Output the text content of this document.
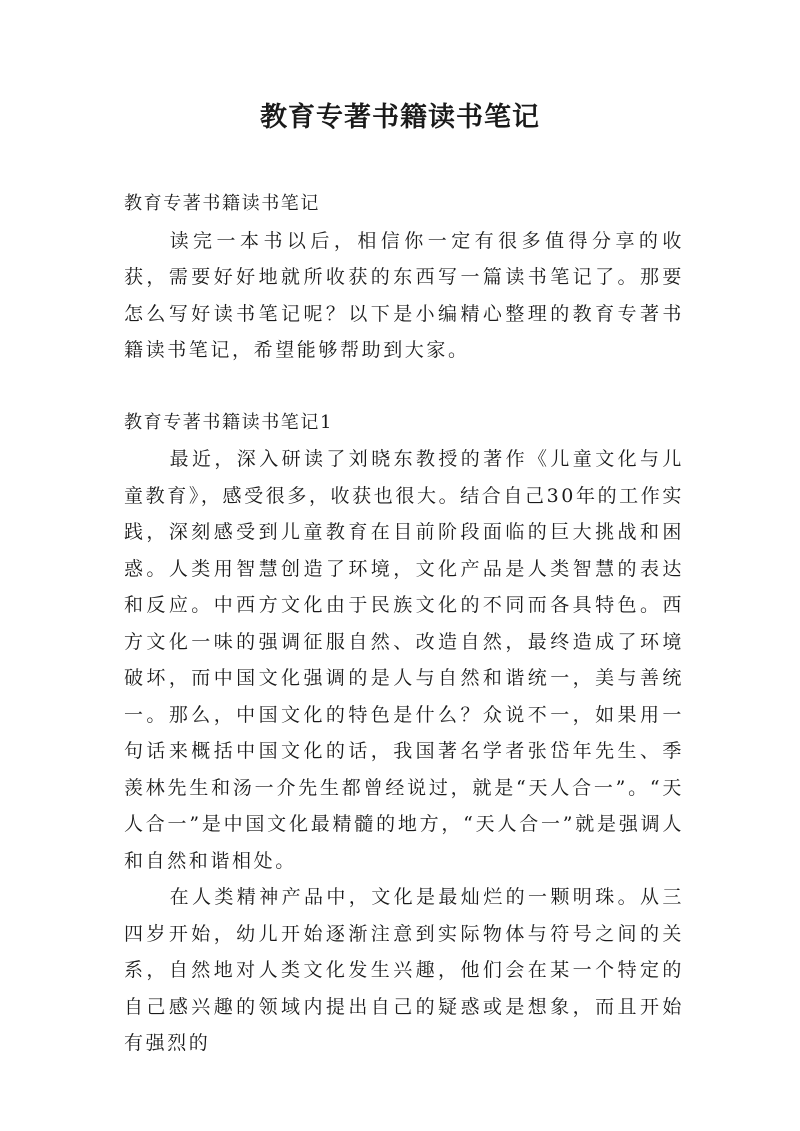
教育专著书籍读书笔记

教育专著书籍读书笔记

读完一本书以后，相信你一定有很多值得分享的收获，需要好好地就所收获的东西写一篇读书笔记了。那要怎么写好读书笔记呢？以下是小编精心整理的教育专著书籍读书笔记，希望能够帮助到大家。

教育专著书籍读书笔记1

最近，深入研读了刘晓东教授的著作《儿童文化与儿童教育》，感受很多，收获也很大。结合自己30年的工作实践，深刻感受到儿童教育在目前阶段面临的巨大挑战和困惑。人类用智慧创造了环境，文化产品是人类智慧的表达和反应。中西方文化由于民族文化的不同而各具特色。西方文化一味的强调征服自然、改造自然，最终造成了环境破坏，而中国文化强调的是人与自然和谐统一，美与善统一。那么，中国文化的特色是什么？众说不一，如果用一句话来概括中国文化的话，我国著名学者张岱年先生、季羡林先生和汤一介先生都曾经说过，就是“天人合一”。“天人合一”是中国文化最精髓的地方，“天人合一”就是强调人和自然和谐相处。

在人类精神产品中，文化是最灿烂的一颗明珠。从三四岁开始，幼儿开始逐渐注意到实际物体与符号之间的关系，自然地对人类文化发生兴趣，他们会在某一个特定的自己感兴趣的领域内提出自己的疑惑或是想象，而且开始有强烈的
